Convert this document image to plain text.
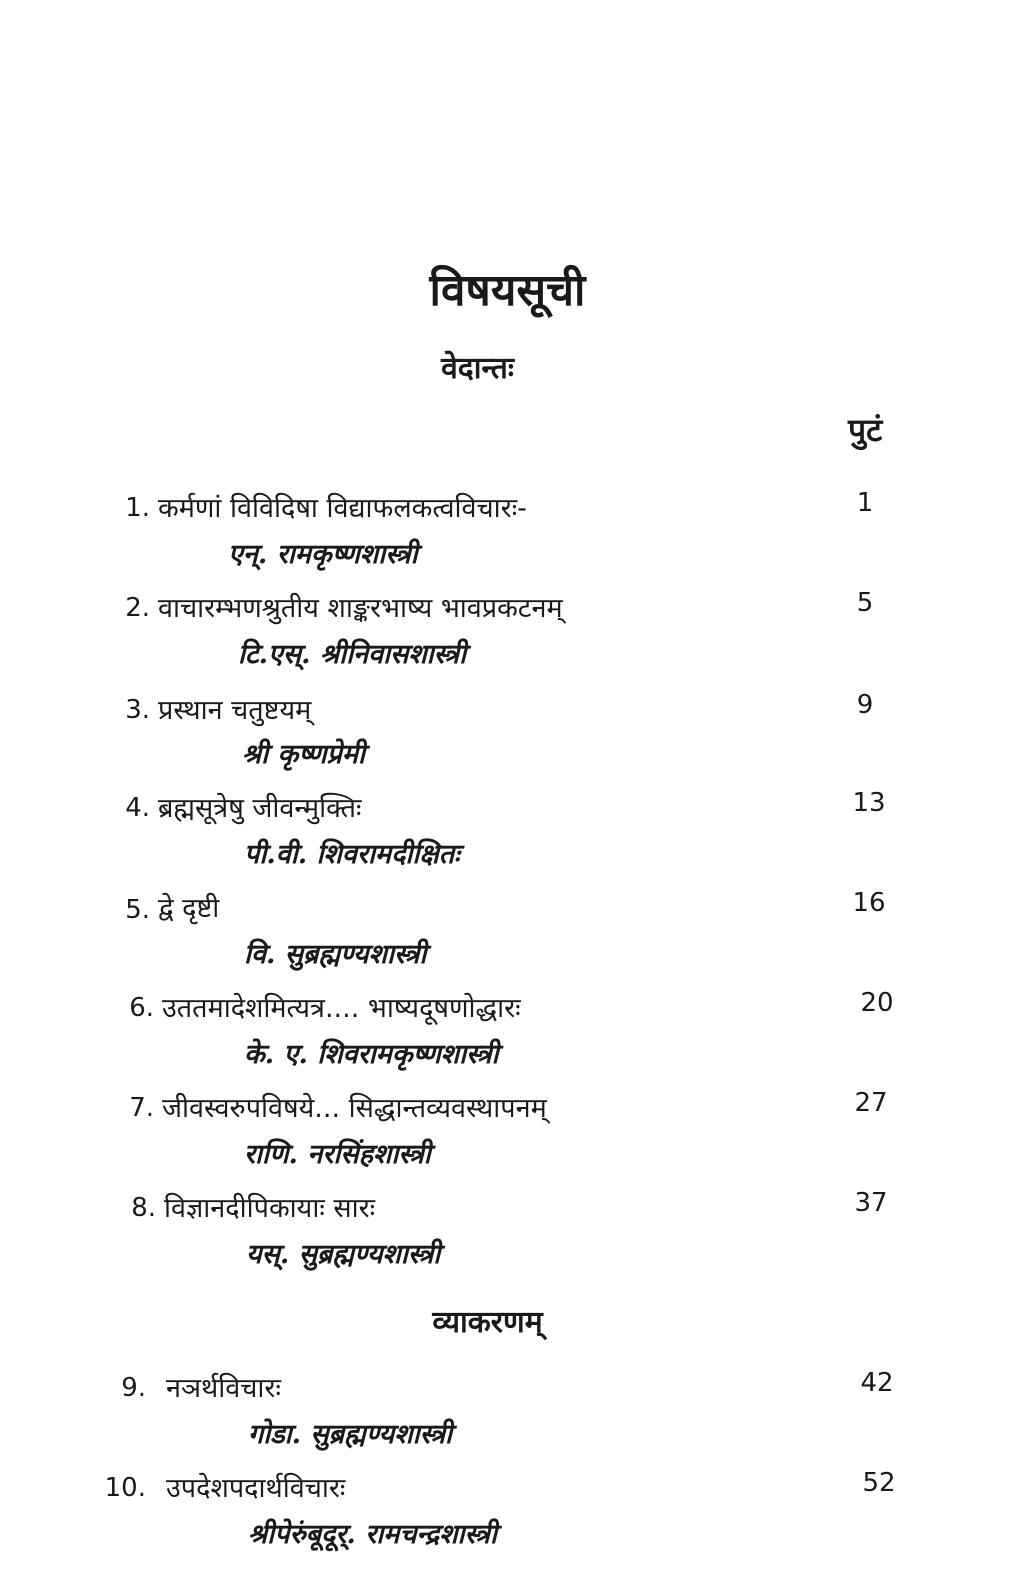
विषयसूची
वेदान्तः
पुटं
1. कर्मणां विविदिषा विद्याफलकत्वविचारः-
एन्. रामकृष्णशास्त्री
1
2. वाचारम्भणश्रुतीय शाङ्करभाष्य भावप्रकटनम्
टि.एस्. श्रीनिवासशास्त्री
5
3. प्रस्थान चतुष्टयम्
श्री कृष्णप्रेमी
9
4. ब्रह्मसूत्रेषु जीवन्मुक्तिः
पी.वी. शिवरामदीक्षितः
13
5. द्वे दृष्टी
वि. सुब्रह्मण्यशास्त्री
16
6. उततमादेशमित्यत्र.... भाष्यदूषणोद्धारः
के. ए. शिवरामकृष्णशास्त्री
20
7. जीवस्वरुपविषये... सिद्धान्तव्यवस्थापनम्
राणि. नरसिंहशास्त्री
27
8. विज्ञानदीपिकायाः सारः
यस्. सुब्रह्मण्यशास्त्री
37
व्याकरणम्
9. नञर्थविचारः
गोडा. सुब्रह्मण्यशास्त्री
42
10. उपदेशपदार्थविचारः
श्रीपेरुंबूदूर्. रामचन्द्रशास्त्री
52
